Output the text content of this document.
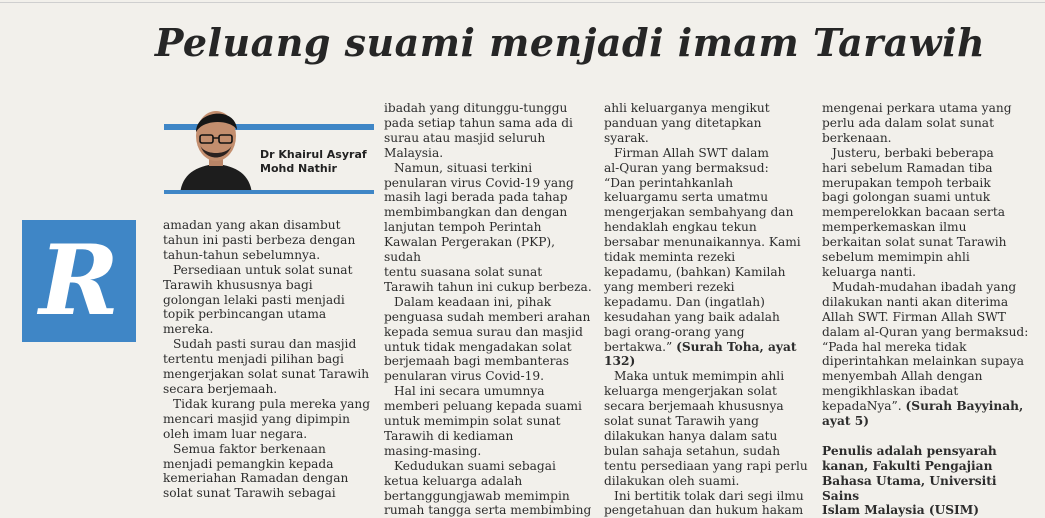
Peluang suami menjadi imam Tarawih
Dr Khairul Asyraf
Mohd Nathir
R	amadan yang akan disambut

tahun ini pasti berbeza dengan

tahun-tahun sebelumnya.

Persediaan untuk solat sunat

Tarawih khususnya bagi

golongan lelaki pasti menjadi

topik perbincangan utama

mereka.

Sudah pasti surau dan masjid

tertentu menjadi pilihan bagi

mengerjakan solat sunat Tarawih

secara berjemaah.

Tidak kurang pula mereka yang

mencari masjid yang dipimpin

oleh imam luar negara.

Semua faktor berkenaan

menjadi pemangkin kepada

kemeriahan Ramadan dengan

solat sunat Tarawih sebagai

ibadah yang ditunggu-tunggu

pada setiap tahun sama ada di

surau atau masjid seluruh

Malaysia.

Namun, situasi terkini

penularan virus Covid-19 yang

masih lagi berada pada tahap

membimbangkan dan dengan

lanjutan tempoh Perintah

Kawalan Pergerakan (PKP), sudah

tentu suasana solat sunat

Tarawih tahun ini cukup berbeza.

Dalam keadaan ini, pihak

penguasa sudah memberi arahan

kepada semua surau dan masjid

untuk tidak mengadakan solat

berjemaah bagi membanteras

penularan virus Covid-19.

Hal ini secara umumnya

memberi peluang kepada suami

untuk memimpin solat sunat

Tarawih di kediaman

masing-masing.

Kedudukan suami sebagai

ketua keluarga adalah

bertanggungjawab memimpin

rumah tangga serta membimbing

ahli keluarganya mengikut

panduan yang ditetapkan syarak.

Firman Allah SWT dalam

al-Quran yang bermaksud:

“Dan perintahkanlah

keluargamu serta umatmu

mengerjakan sembahyang dan

hendaklah engkau tekun

bersabar menunaikannya. Kami

tidak meminta rezeki

kepadamu, (bahkan) Kamilah

yang memberi rezeki

kepadamu. Dan (ingatlah)

kesudahan yang baik adalah

bagi orang-orang yang

bertakwa.” (Surah Toha, ayat

132)

Maka untuk memimpin ahli

keluarga mengerjakan solat

secara berjemaah khususnya

solat sunat Tarawih yang

dilakukan hanya dalam satu

bulan sahaja setahun, sudah

tentu persediaan yang rapi perlu

dilakukan oleh suami.

Ini bertitik tolak dari segi ilmu

pengetahuan dan hukum hakam

mengenai perkara utama yang

perlu ada dalam solat sunat

berkenaan.

Justeru, berbaki beberapa

hari sebelum Ramadan tiba

merupakan tempoh terbaik

bagi golongan suami untuk

memperelokkan bacaan serta

memperkemaskan ilmu

berkaitan solat sunat Tarawih

sebelum memimpin ahli

keluarga nanti.

Mudah-mudahan ibadah yang

dilakukan nanti akan diterima

Allah SWT. Firman Allah SWT

dalam al-Quran yang bermaksud:

“Pada hal mereka tidak

diperintahkan melainkan supaya

menyembah Allah dengan

mengikhlaskan ibadat

kepadaNya”. (Surah Bayyinah,

ayat 5)

Penulis adalah pensyarah

kanan, Fakulti Pengajian

Bahasa Utama, Universiti Sains

Islam Malaysia (USIM)
